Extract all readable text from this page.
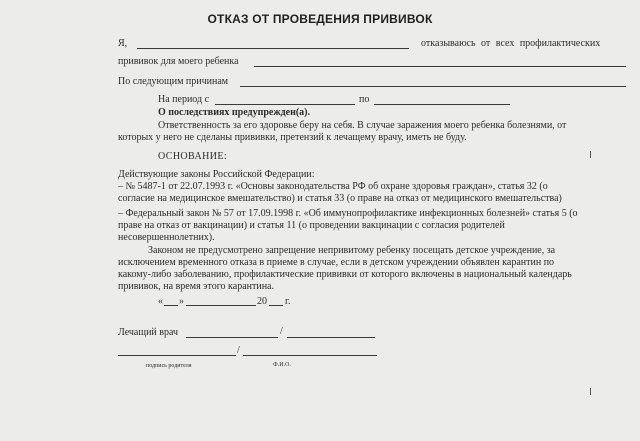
ОТКАЗ ОТ ПРОВЕДЕНИЯ ПРИВИВОК
Я,	отказываюсь от всех профилактических
прививок для моего ребенка
По следующим причинам
На период с	по
О последствиях предупрежден(а).
Ответственность за его здоровье беру на себя. В случае заражения моего ребенка болезнями, от
которых у него не сделаны прививки, претензий к лечащему врачу, иметь не буду.
ОСНОВАНИЕ:
Действующие законы Российской Федерации:
– № 5487-1 от 22.07.1993 г. «Основы законодательства РФ об охране здоровья граждан», статья 32 (о
согласие на медицинское вмешательство) и статья 33 (о праве на отказ от медицинского вмешательства)
– Федеральный закон № 57 от 17.09.1998 г. «Об иммунопрофилактике инфекционных болезней» статья 5 (о
праве на отказ от вакцинации) и статья 11 (о проведении вакцинации с согласия родителей
несовершеннолетних).
Законом не предусмотрено запрещение непривитому ребенку посещать детское учреждение, за
исключением временного отказа в приеме в случае, если в детском учреждении объявлен карантин по
какому-либо заболеванию, профилактические прививки от которого включены в национальный календарь
прививок, на время этого карантина.
« »	20 г.
Лечащий врач	/
/
подпись родителя	Ф.И.О.
